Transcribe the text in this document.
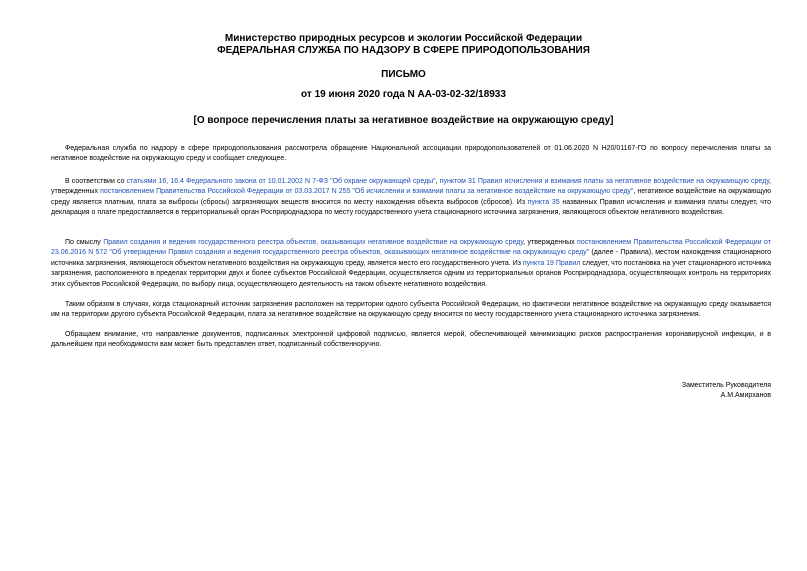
Министерство природных ресурсов и экологии Российской Федерации
ФЕДЕРАЛЬНАЯ СЛУЖБА ПО НАДЗОРУ В СФЕРЕ ПРИРОДОПОЛЬЗОВАНИЯ
ПИСЬМО
от 19 июня 2020 года N АА-03-02-32/18933
[О вопросе перечисления платы за негативное воздействие на окружающую среду]

Федеральная служба по надзору в сфере природопользования рассмотрела обращение Национальной ассоциации природопользователей от 01.06.2020 N Н20/01167-ГО по вопросу перечисления платы за негативное воздействие на окружающую среду и сообщает следующее.

В соответствии со статьями 16, 16.4 Федерального закона от 10.01.2002 N 7-ФЗ "Об охране окружающей среды", пунктом 31 Правил исчисления и взимания платы за негативное воздействие на окружающую среду, утвержденных постановлением Правительства Российской Федерации от 03.03.2017 N 255 "Об исчислении и взимании платы за негативное воздействие на окружающую среду", негативное воздействие на окружающую среду является платным, плата за выбросы (сбросы) загрязняющих веществ вносится по месту нахождения объекта выбросов (сбросов). Из пункта 35 названных Правил исчисления и взимания платы следует, что декларация о плате предоставляется в территориальный орган Росприроднадзора по месту государственного учета стационарного источника загрязнения, являющегося объектом негативного воздействия.

По смыслу Правил создания и ведения государственного реестра объектов, оказывающих негативное воздействие на окружающую среду, утвержденных постановлением Правительства Российской Федерации от 23.06.2016 N 572 "Об утверждении Правил создания и ведения государственного реестра объектов, оказывающих негативное воздействие на окружающую среду" (далее - Правила), местом нахождения стационарного источника загрязнения, являющегося объектом негативного воздействия на окружающую среду, является место его государственного учета. Из пункта 19 Правил следует, что постановка на учет стационарного источника загрязнения, расположенного в пределах территории двух и более субъектов Российской Федерации, осуществляется одним из территориальных органов Росприроднадзора, осуществляющих контроль на территориях этих субъектов Российской Федерации, по выбору лица, осуществляющего деятельность на таком объекте негативного воздействия.

Таким образом в случаях, когда стационарный источник загрязнения расположен на территории одного субъекта Российской Федерации, но фактически негативное воздействие на окружающую среду оказывается им на территории другого субъекта Российской Федерации, плата за негативное воздействие на окружающую среду вносится по месту государственного учета стационарного источника загрязнения.

Обращаем внимание, что направление документов, подписанных электронной цифровой подписью, является мерой, обеспечивающей минимизацию рисков распространения коронавирусной инфекции, и в дальнейшем при необходимости вам может быть представлен ответ, подписанный собственноручно.

Заместитель Руководителя
А.М.Амирханов
